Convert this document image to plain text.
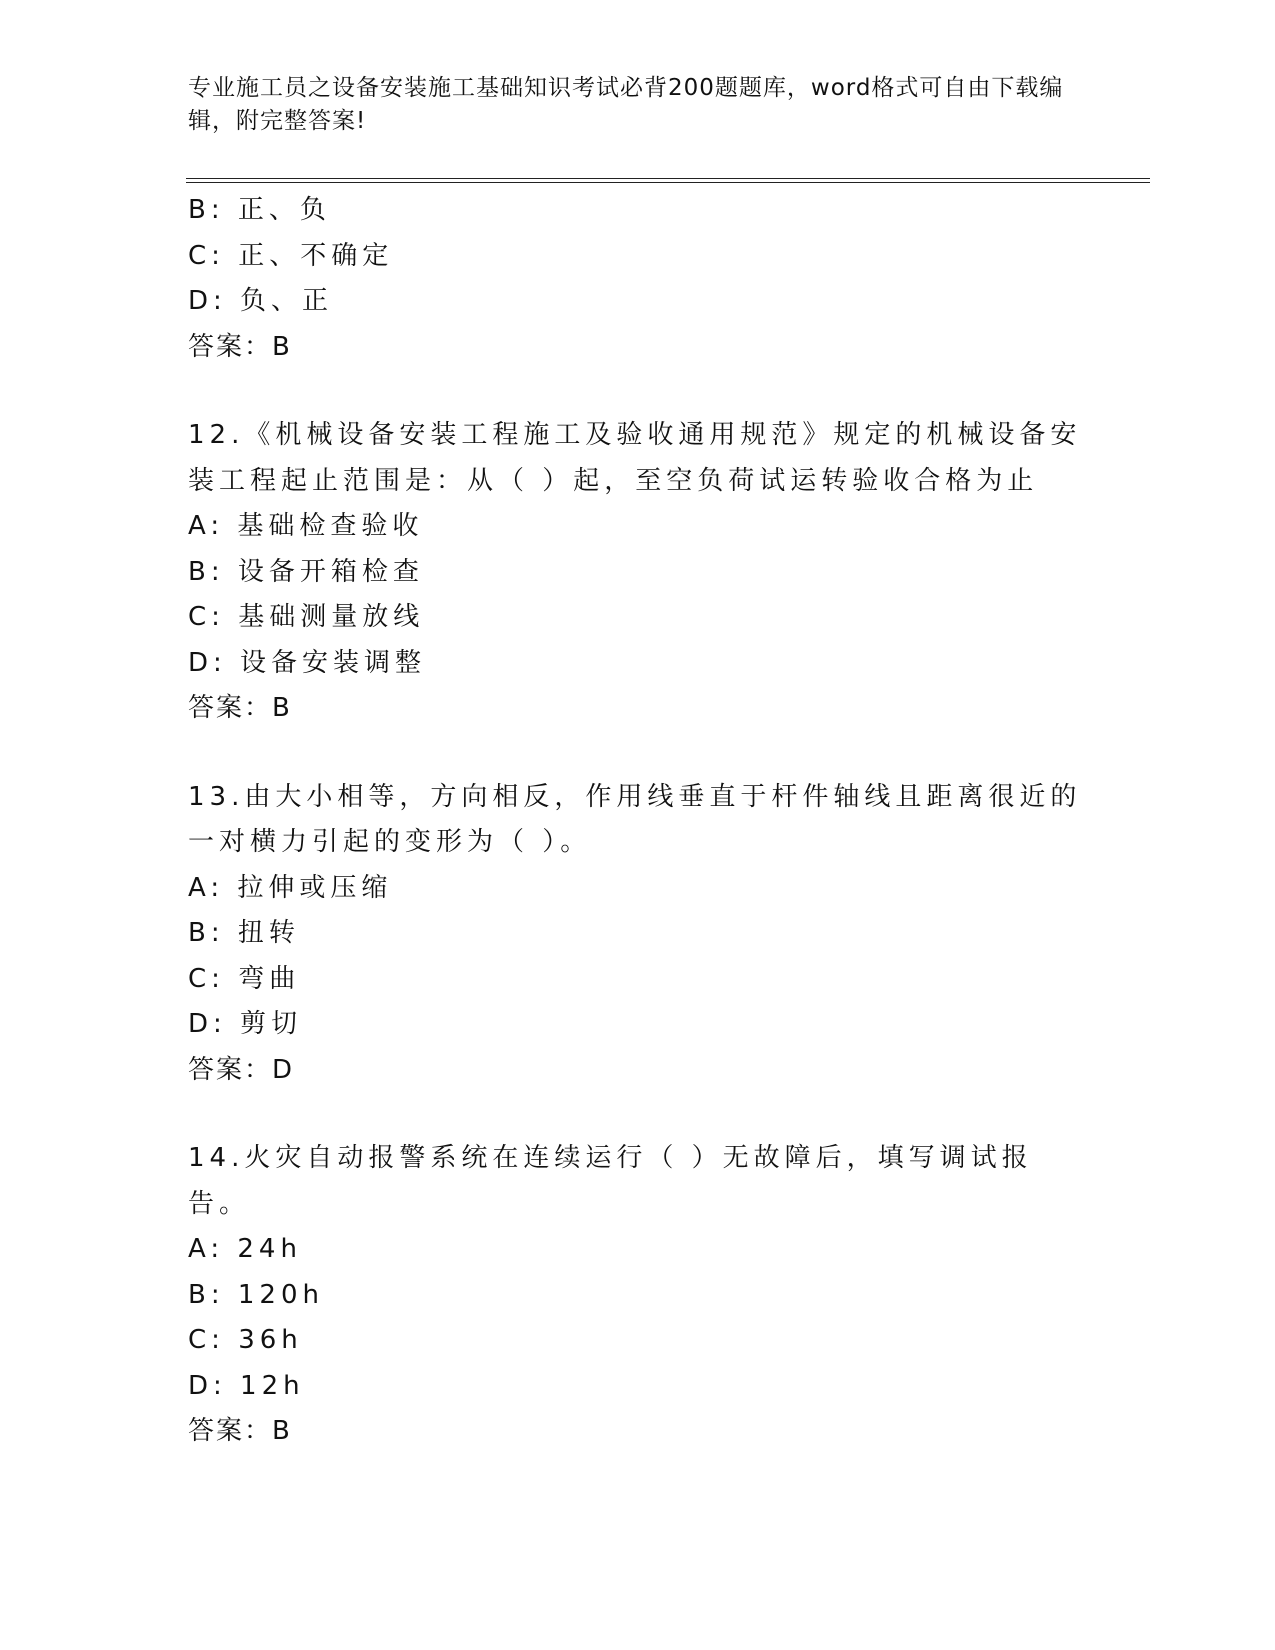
专业施工员之设备安装施工基础知识考试必背200题题库，word格式可自由下载编辑，附完整答案!
B: 正、负
C: 正、不确定
D: 负、正
答案：B
12.《机械设备安装工程施工及验收通用规范》规定的机械设备安装工程起止范围是：从（ ）起，至空负荷试运转验收合格为止
A: 基础检查验收
B: 设备开箱检查
C: 基础测量放线
D: 设备安装调整
答案：B
13.由大小相等，方向相反，作用线垂直于杆件轴线且距离很近的一对横力引起的变形为（ ）。
A: 拉伸或压缩
B: 扭转
C: 弯曲
D: 剪切
答案：D
14.火灾自动报警系统在连续运行（ ）无故障后，填写调试报告。
A: 24h
B: 120h
C: 36h
D: 12h
答案：B
